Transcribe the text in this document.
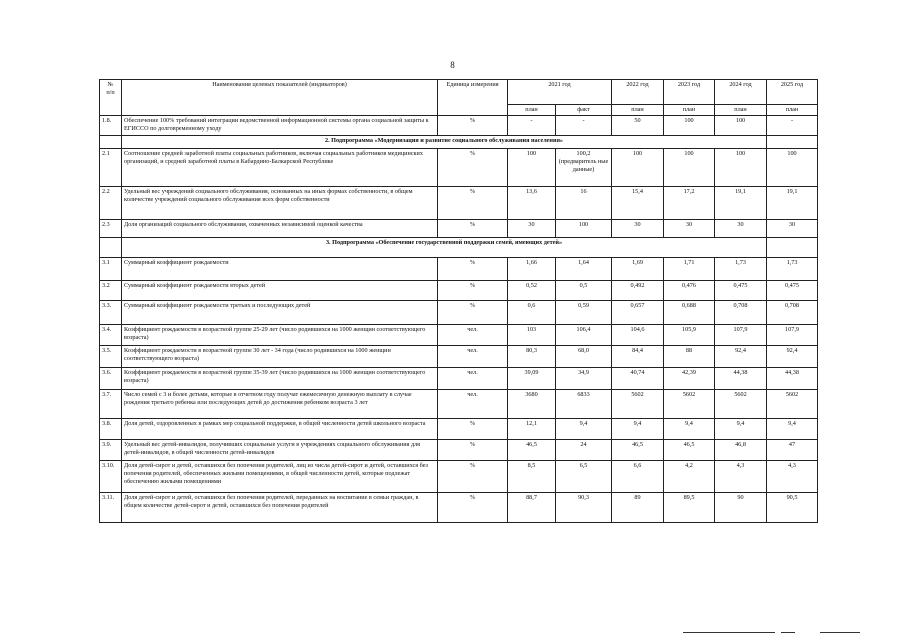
8
№
п/п	Наименования целевых показателей (индикаторов)	Единица измерения	2021 год		2022 год	2023 год	2024 год	2025 год
			план	факт	план	план	план	план
1.8.	Обеспечение 100% требований интеграции ведомственной информационной системы органа социальной защиты к ЕГИССО по долговременному уходу	%	-	-	50	100	100	-
	2. Подпрограмма «Модернизация и развитие социального обслуживания населения»							
2.1	Соотношение средней заработной платы социальных работников, включая социальных работников медицинских организаций, и средней заработной платы в Кабардино-Балкарской Республике	%	100	100,2 (предваритель ные данные)	100	100	100	100
2.2	Удельный вес учреждений социального обслуживания, основанных на иных формах собственности, в общем количестве учреждений социального обслуживания всех форм собственности	%	13,6	16	15,4	17,2	19,1	19,1
2.3	Доля организаций социального обслуживания, охваченных независимой оценкой качества	%	30	100	30	30	30	30
	3. Подпрограмма «Обеспечение государственной поддержки семей, имеющих детей»							
3.1	Суммарный коэффициент рождаемости	%	1,66	1,64	1,69	1,71	1,73	1,73
3.2	Суммарный коэффициент рождаемости вторых детей	%	0,52	0,5	0,492	0,476	0,475	0,475
3.3.	Суммарный коэффициент рождаемости третьих и последующих детей	%	0,6	0,59	0,657	0,688	0,708	0,708
3.4.	Коэффициент рождаемости в возрастной группе 25-29 лет (число родившихся на 1000 женщин соответствующего возраста)	чел.	103	106,4	104,6	105,9	107,9	107,9
3.5.	Коэффициент рождаемости в возрастной группе 30 лет - 34 года (число родившихся на 1000 женщин соответствующего возраста)	чел.	80,3	68,0	84,4	88	92,4	92,4
3.6.	Коэффициент рождаемости в возрастной группе 35-39 лет (число родившихся на 1000 женщин соответствующего возраста)	чел.	39,09	34,9	40,74	42,39	44,38	44,38
3.7.	Число семей с 3 и более детьми, которые в отчетном году получат ежемесячную денежную выплату в случае рождения третьего ребенка или последующих детей до достижения ребенком возраста 3 лет	чел.	3680	6833	5602	5602	5602	5602
3.8.	Доля детей, оздоровленных в рамках мер социальной поддержки, в общей численности детей школьного возраста	%	12,1	9,4	9,4	9,4	9,4	9,4
3.9.	Удельный вес детей-инвалидов, получивших социальные услуги в учреждениях социального обслуживания для детей-инвалидов, в общей численности детей-инвалидов	%	46,5	24	46,5	46,5	46,8	47
3.10.	Доля детей-сирот и детей, оставшихся без попечения родителей, лиц из числа детей-сирот и детей, оставшихся без попечения родителей, обеспеченных жилыми помещениями, в общей численности детей, которые подлежат обеспечению жилыми помещениями	%	8,5	6,5	6,6	4,2	4,3	4,3
3.11.	Доля детей-сирот и детей, оставшихся без попечения родителей, переданных на воспитание в семьи граждан, в общем количестве детей-сирот и детей, оставшихся без попечения родителей	%	88,7	90,3	89	89,5	90	90,5
